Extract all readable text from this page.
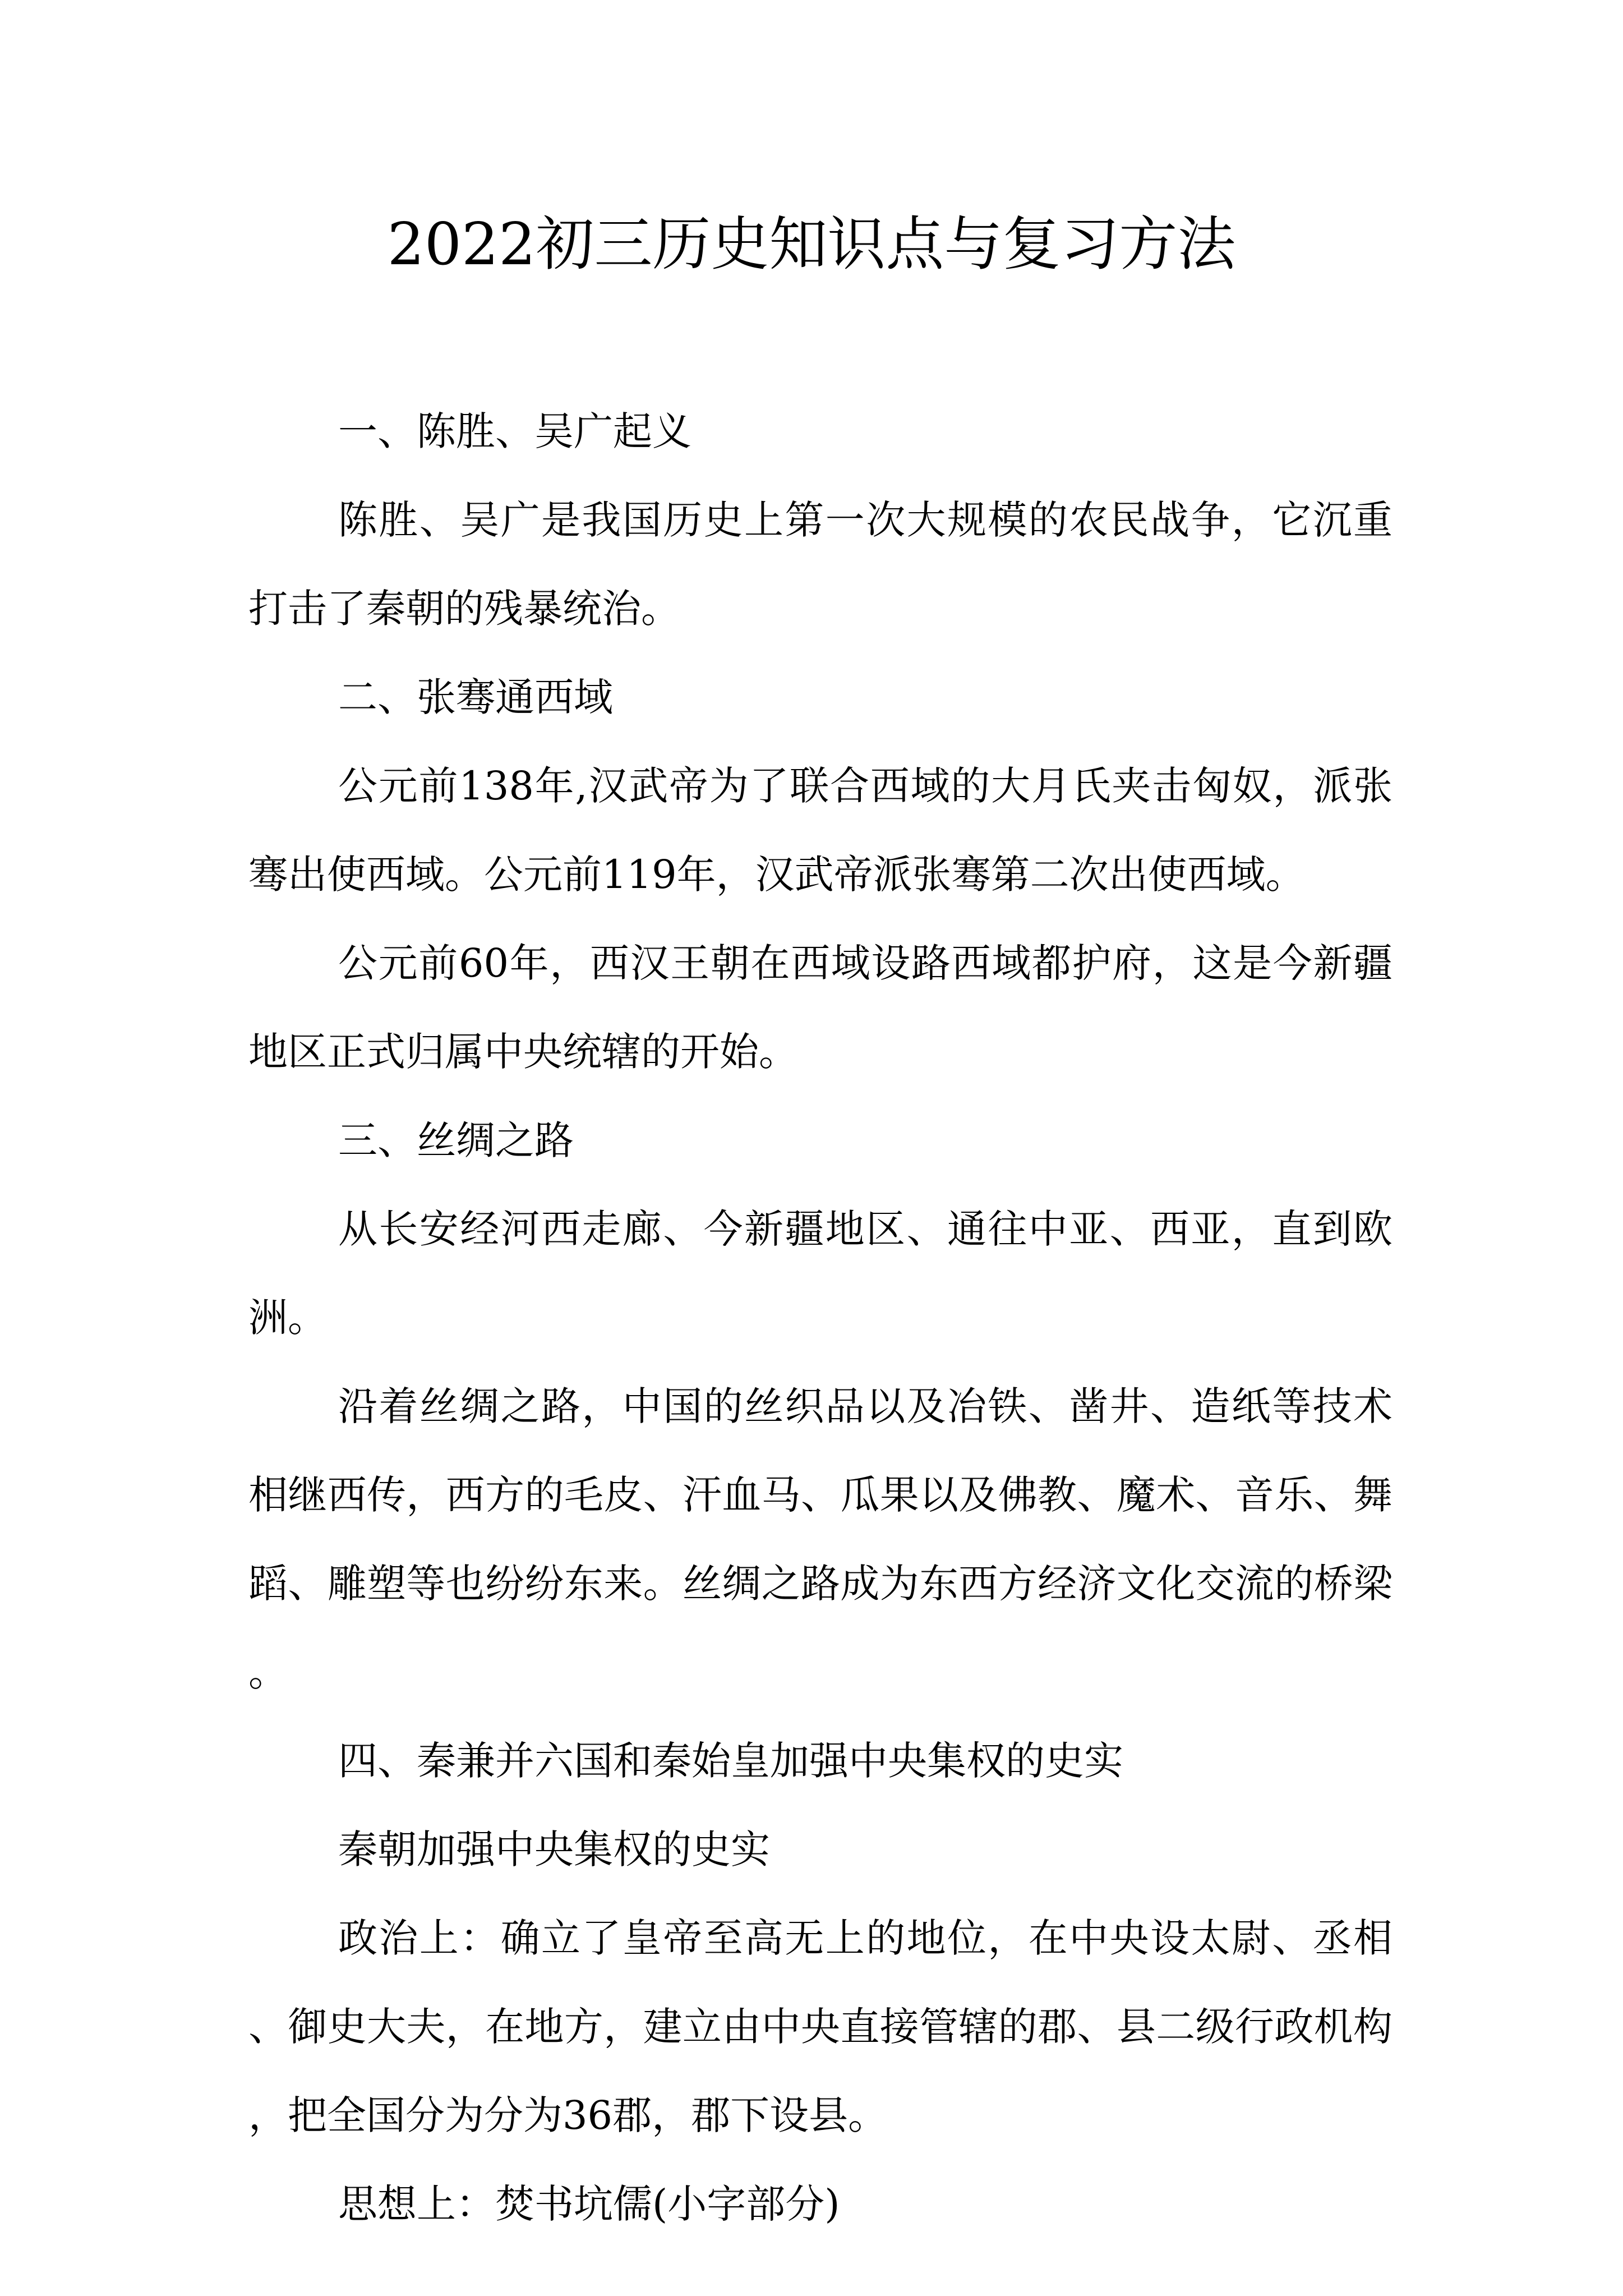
2022初三历史知识点与复习方法

一、陈胜、吴广起义

陈胜、吴广是我国历史上第一次大规模的农民战争，它沉重打击了秦朝的残暴统治。

二、张骞通西域

公元前138年,汉武帝为了联合西域的大月氏夹击匈奴，派张骞出使西域。公元前119年，汉武帝派张骞第二次出使西域。

公元前60年，西汉王朝在西域设路西域都护府，这是今新疆地区正式归属中央统辖的开始。

三、丝绸之路

从长安经河西走廊、今新疆地区、通往中亚、西亚，直到欧洲。

沿着丝绸之路，中国的丝织品以及冶铁、凿井、造纸等技术相继西传，西方的毛皮、汗血马、瓜果以及佛教、魔术、音乐、舞蹈、雕塑等也纷纷东来。丝绸之路成为东西方经济文化交流的桥梁。

四、秦兼并六国和秦始皇加强中央集权的史实

秦朝加强中央集权的史实

政治上：确立了皇帝至高无上的地位，在中央设太尉、丞相、御史大夫，在地方，建立由中央直接管辖的郡、县二级行政机构，把全国分为分为36郡，郡下设县。

思想上：焚书坑儒(小字部分)
